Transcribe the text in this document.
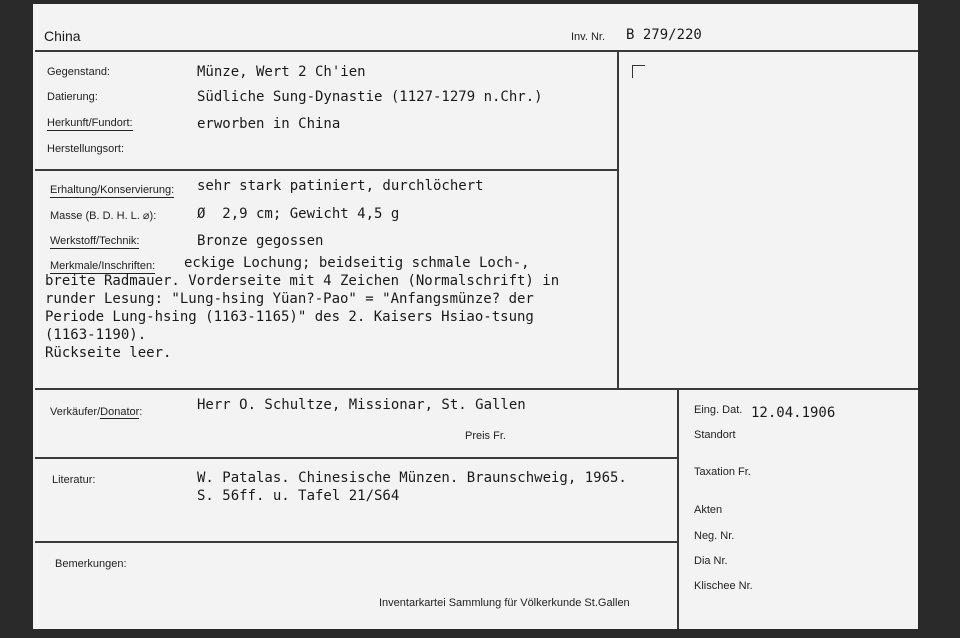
China	Inv. Nr. B 279/220
Gegenstand:	Münze, Wert 2 Ch'ien
Datierung:	Südliche Sung-Dynastie (1127-1279 n.Chr.)
Herkunft/Fundort:	erworben in China
Herstellungsort:
Erhaltung/Konservierung: sehr stark patiniert, durchlöchert
Masse (B. D. H. L. ⌀):	Ø  2,9 cm; Gewicht 4,5 g
Werkstoff/Technik:	Bronze gegossen
Merkmale/Inschriften: eckige Lochung; beidseitig schmale Loch-,
breite Radmauer. Vorderseite mit 4 Zeichen (Normalschrift) in
runder Lesung: "Lung-hsing Yüan?-Pao" = "Anfangsmünze? der
Periode Lung-hsing (1163-1165)" des 2. Kaisers Hsiao-tsung
(1163-1190).
Rückseite leer.
Verkäufer/Donator:	Herr O. Schultze, Missionar, St. Gallen
Preis Fr.
Literatur:	W. Patalas. Chinesische Münzen. Braunschweig, 1965.
S. 56ff. u. Tafel 21/S64
Bemerkungen:
Inventarkartei Sammlung für Völkerkunde St.Gallen
Eing. Dat. 12.04.1906
Standort
Taxation Fr.
Akten
Neg. Nr.
Dia Nr.
Klischee Nr.
